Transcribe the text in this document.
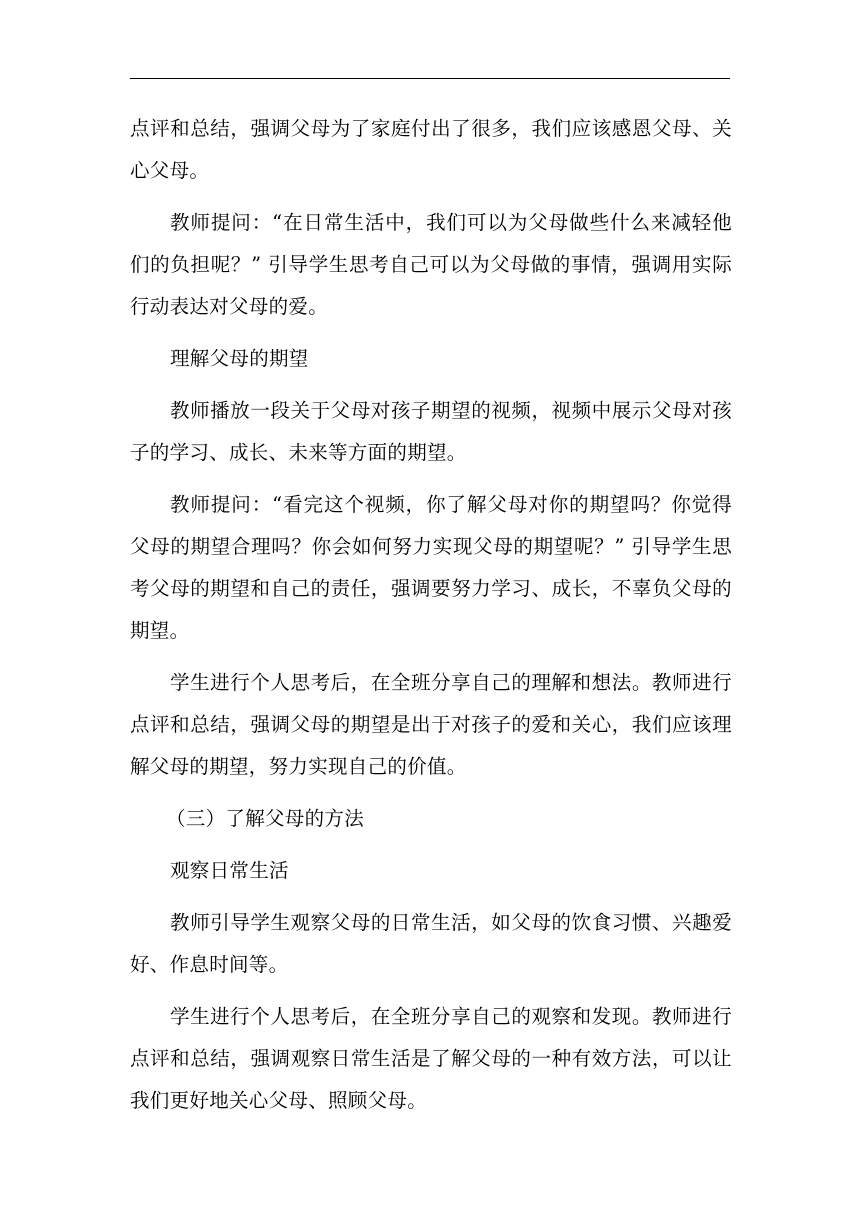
点评和总结，强调父母为了家庭付出了很多，我们应该感恩父母、关心父母。

教师提问：“在日常生活中，我们可以为父母做些什么来减轻他们的负担呢？” 引导学生思考自己可以为父母做的事情，强调用实际行动表达对父母的爱。

理解父母的期望

教师播放一段关于父母对孩子期望的视频，视频中展示父母对孩子的学习、成长、未来等方面的期望。

教师提问：“看完这个视频，你了解父母对你的期望吗？你觉得父母的期望合理吗？你会如何努力实现父母的期望呢？” 引导学生思考父母的期望和自己的责任，强调要努力学习、成长，不辜负父母的期望。

学生进行个人思考后，在全班分享自己的理解和想法。教师进行点评和总结，强调父母的期望是出于对孩子的爱和关心，我们应该理解父母的期望，努力实现自己的价值。

（三）了解父母的方法

观察日常生活

教师引导学生观察父母的日常生活，如父母的饮食习惯、兴趣爱好、作息时间等。

学生进行个人思考后，在全班分享自己的观察和发现。教师进行点评和总结，强调观察日常生活是了解父母的一种有效方法，可以让我们更好地关心父母、照顾父母。
